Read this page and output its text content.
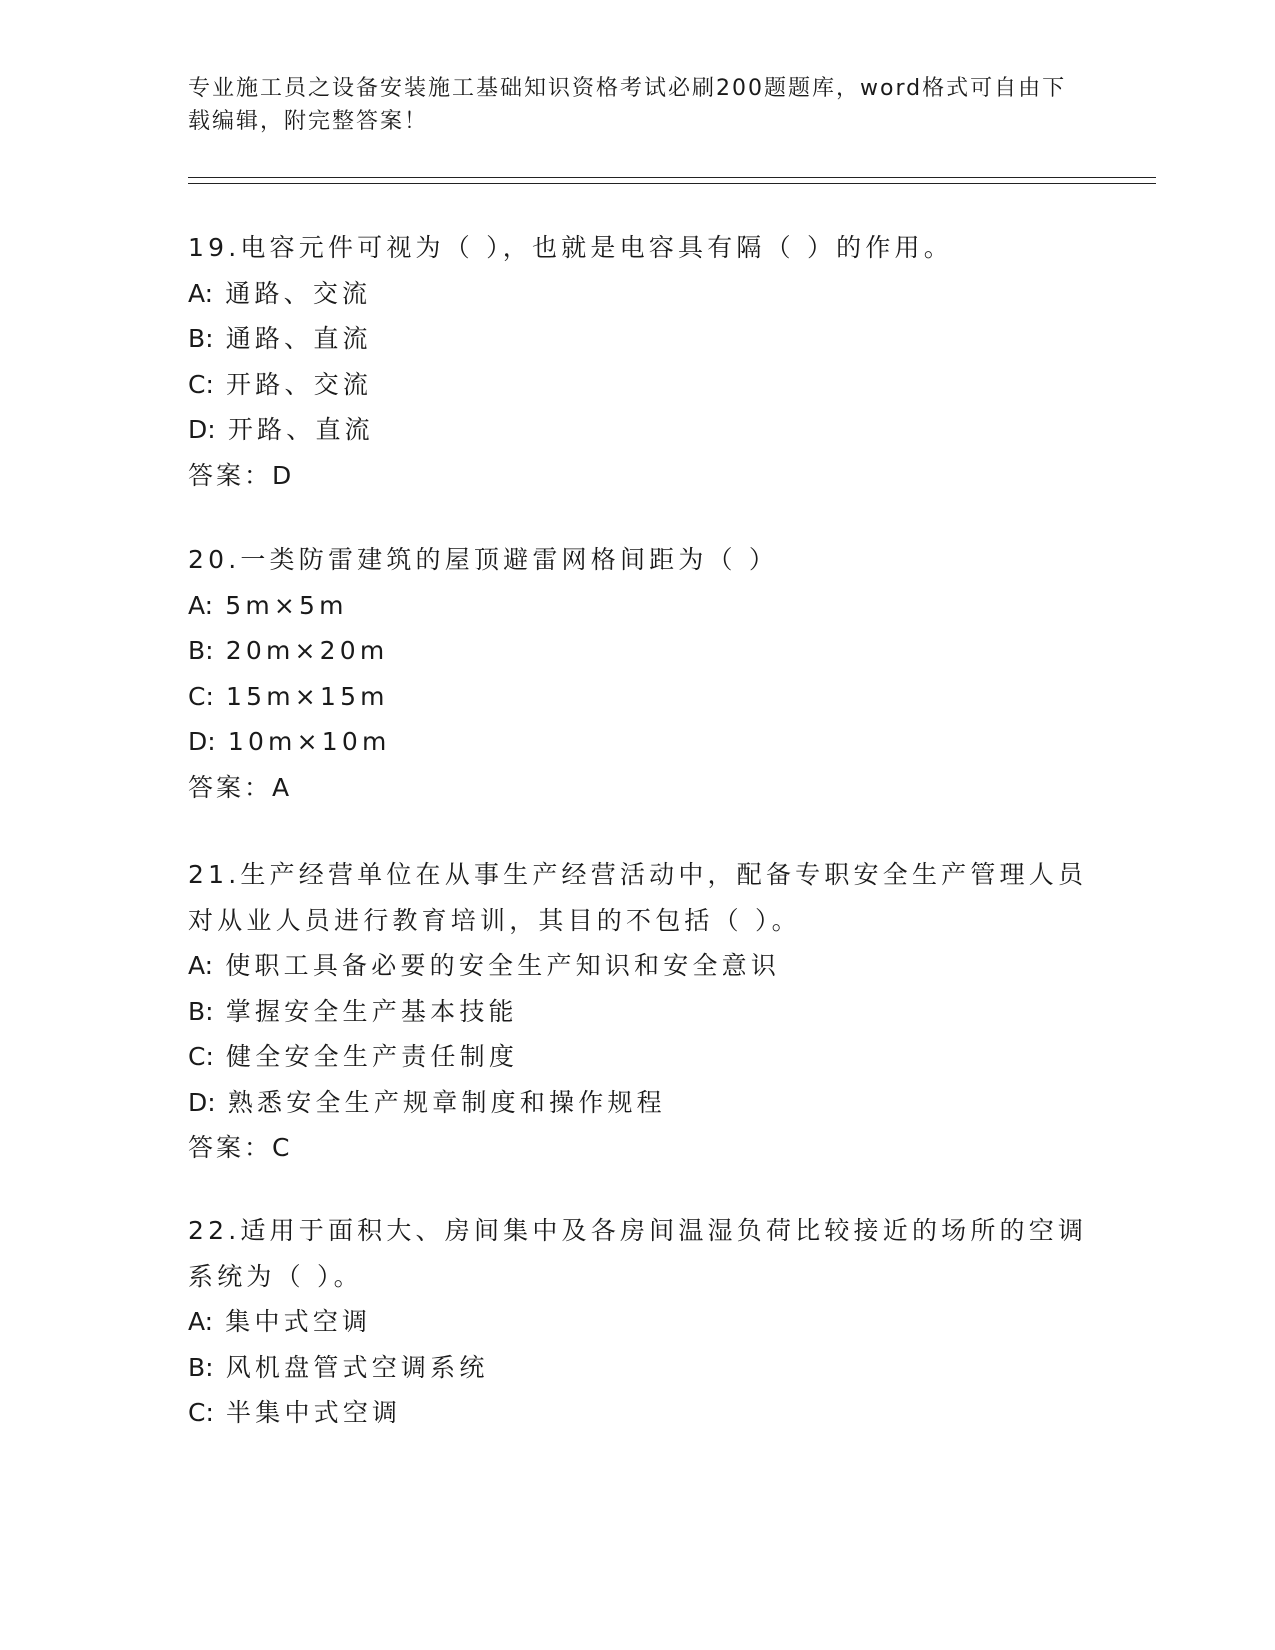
专业施工员之设备安装施工基础知识资格考试必刷200题题库，word格式可自由下载编辑，附完整答案！
19.电容元件可视为（ ），也就是电容具有隔（ ）的作用。
A: 通路、交流
B: 通路、直流
C: 开路、交流
D: 开路、直流
答案：D
20.一类防雷建筑的屋顶避雷网格间距为（ ）
A: 5m×5m
B: 20m×20m
C: 15m×15m
D: 10m×10m
答案：A
21.生产经营单位在从事生产经营活动中，配备专职安全生产管理人员对从业人员进行教育培训，其目的不包括（ ）。
A: 使职工具备必要的安全生产知识和安全意识
B: 掌握安全生产基本技能
C: 健全安全生产责任制度
D: 熟悉安全生产规章制度和操作规程
答案：C
22.适用于面积大、房间集中及各房间温湿负荷比较接近的场所的空调系统为（ ）。
A: 集中式空调
B: 风机盘管式空调系统
C: 半集中式空调
